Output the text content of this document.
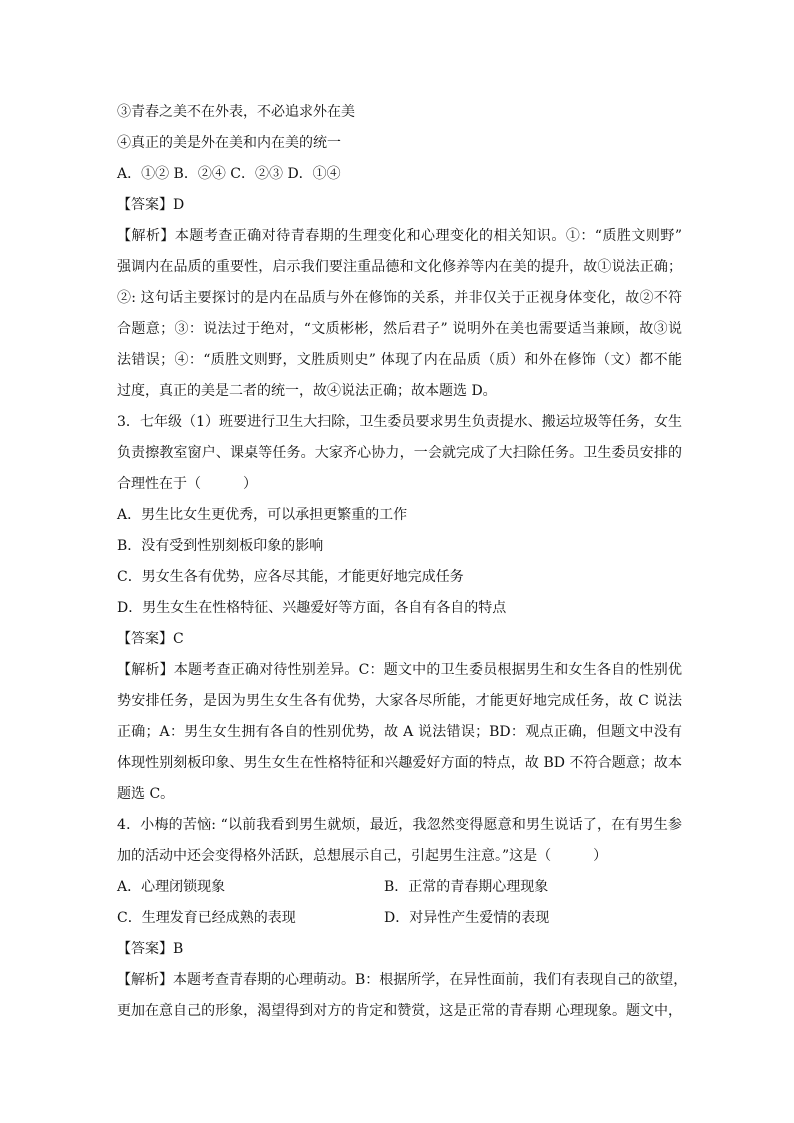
③青春之美不在外表，不必追求外在美
④真正的美是外在美和内在美的统一
A．①② B．②④ C．②③ D．①④
【答案】D
【解析】本题考查正确对待青春期的生理变化和心理变化的相关知识。①：“质胜文则野”
强调内在品质的重要性，启示我们要注重品德和文化修养等内在美的提升，故①说法正确；
②: 这句话主要探讨的是内在品质与外在修饰的关系，并非仅关于正视身体变化，故②不符
合题意；③：说法过于绝对，“文质彬彬，然后君子” 说明外在美也需要适当兼顾，故③说
法错误；④：“质胜文则野，文胜质则史” 体现了内在品质（质）和外在修饰（文）都不能
过度，真正的美是二者的统一，故④说法正确；故本题选 D。
3．七年级（1）班要进行卫生大扫除，卫生委员要求男生负责提水、搬运垃圾等任务，女生
负责擦教室窗户、课桌等任务。大家齐心协力，一会就完成了大扫除任务。卫生委员安排的
合理性在于（　　　）
A．男生比女生更优秀，可以承担更繁重的工作
B．没有受到性别刻板印象的影响
C．男女生各有优势，应各尽其能，才能更好地完成任务
D．男生女生在性格特征、兴趣爱好等方面，各自有各自的特点
【答案】C
【解析】本题考查正确对待性别差异。C：题文中的卫生委员根据男生和女生各自的性别优
势安排任务，是因为男生女生各有优势，大家各尽所能，才能更好地完成任务，故 C 说法
正确；A：男生女生拥有各自的性别优势，故 A 说法错误；BD：观点正确，但题文中没有
体现性别刻板印象、男生女生在性格特征和兴趣爱好方面的特点，故 BD 不符合题意；故本
题选 C。
4．小梅的苦恼: “以前我看到男生就烦，最近，我忽然变得愿意和男生说话了，在有男生参
加的活动中还会变得格外活跃，总想展示自己，引起男生注意。”这是（　　　）
A．心理闭锁现象	B．正常的青春期心理现象
C．生理发育已经成熟的表现	D．对异性产生爱情的表现
【答案】B
【解析】本题考查青春期的心理萌动。B：根据所学，在异性面前，我们有表现自己的欲望，
更加在意自己的形象，渴望得到对方的肯定和赞赏，这是正常的青春期 心理现象。题文中，
